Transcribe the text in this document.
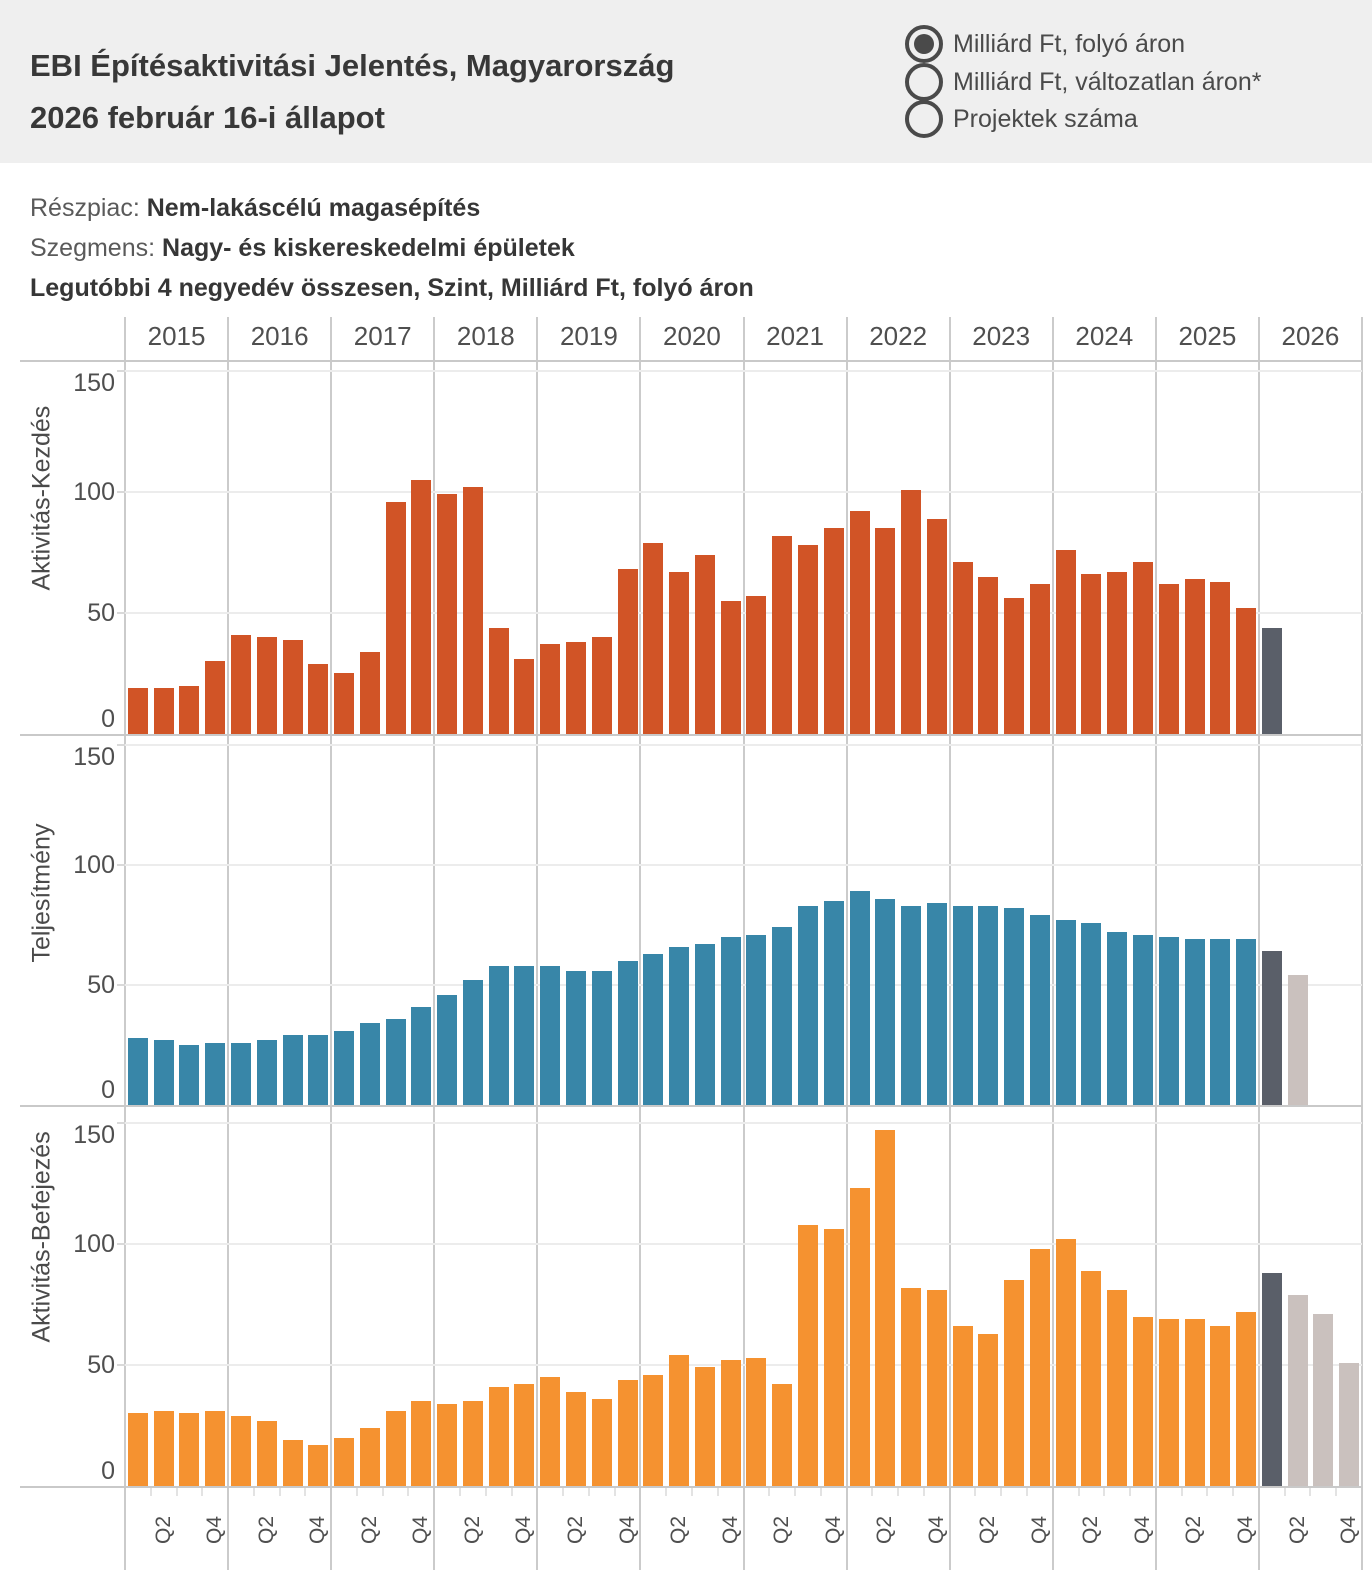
EBI Építésaktivitási Jelentés, Magyarország
2026 február 16-i állapot
Milliárd Ft, folyó áron
Milliárd Ft, változatlan áron*
Projektek száma
Részpiac: Nem-lakáscélú magasépítés
Szegmens: Nagy- és kiskereskedelmi épületek
Legutóbbi 4 negyedév összesen, Szint, Milliárd Ft, folyó áron
2015	2016	2017	2018	2019	2020	2021	2022	2023	2024	2025	2026
150
100
50
0
Aktivitás-Kezdés
150
100
50
0
Teljesítmény
150
100
50
0
Aktivitás-Befejezés
Q2 Q4 Q2 Q4 Q2 Q4 Q2 Q4 Q2 Q4 Q2 Q4 Q2 Q4 Q2 Q4 Q2 Q4 Q2 Q4 Q2 Q4 Q2 Q4
